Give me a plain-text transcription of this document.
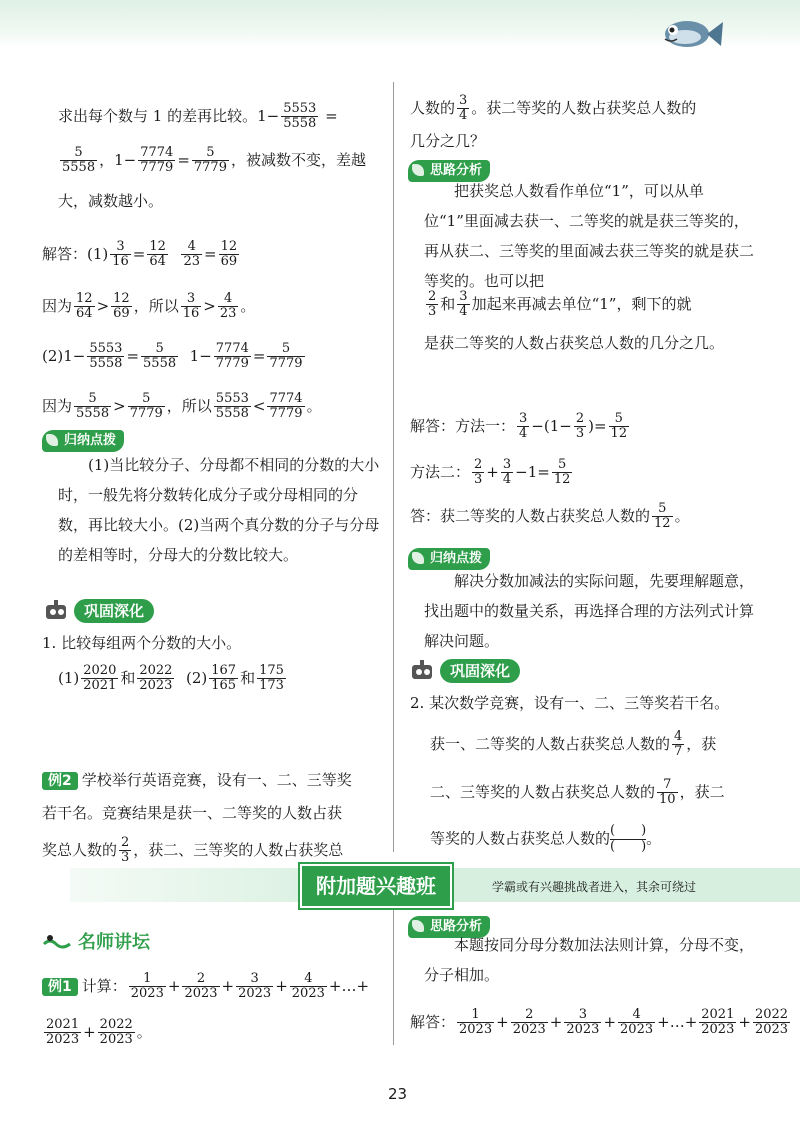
求出每个数与 1 的差再比较。$1- \frac{5553}{5558}$ =
$\frac{5}{5558}$ ，$1- \frac{7774}{7779} = \frac{5}{7779}$ ，被减数不变，差越
大，减数越小。
解答：$(1) \frac{3}{16} = \frac{12}{64}$
$\frac{4}{23} = \frac{12}{69}$
因为 $\frac{12}{64} > \frac{12}{69}$ ，所以 $\frac{3}{16} > \frac{4}{23}$ 。
$(2)1- \frac{5553}{5558} = \frac{5}{5558} 1- \frac{7774}{7779} = \frac{5}{7779}$
因为 $\frac{5}{5558} > \frac{5}{7779}$ ，所以 $\frac{5553}{5558} < \frac{7774}{7779}$ 。
归纳点拨
(1)当比较分子、分母都不相同的分数的大小时，一般先将分数转化成分子或分母相同的分数，再比较大小。(2)当两个真分数的分子与分母的差相等时，分母大的分数比较大。
巩固深化
1. 比较每组两个分数的大小。
$(1) \frac{2020}{2021}$ 和 $\frac{2022}{2023} (2) \frac{167}{165}$ 和 $\frac{175}{173}$
例2 学校举行英语竞赛，设有一、二、三等奖
若干名。竞赛结果是获一、二等奖的人数占获
奖总人数的 $\frac{2}{3}$ ，获二、三等奖的人数占获奖总
人数的 $\frac{3}{4}$ 。获二等奖的人数占获奖总人数的
几分之几？
思路分析
把获奖总人数看作单位“1”，可以从单位“1”里面减去获一、二等奖的就是获三等奖的，再从获二、三等奖的里面减去获三等奖的就是获二等奖的。也可以把
$\frac{2}{3}$ 和 $\frac{3}{4}$ 加起来再减去单位“1”，剩下的就
是获二等奖的人数占获奖总人数的几分之几。
解答：方法一： $\frac{3}{4} -(1- \frac{2}{3}$ )= $\frac{5}{12}$
方法二： $\frac{2}{3} + \frac{3}{4} -1= \frac{5}{12}$
答：获二等奖的人数占获奖总人数的 $\frac{5}{12}$ 。
归纳点拨
解决分数加减法的实际问题，先要理解题意，找出题中的数量关系，再选择合理的方法列式计算解决问题。
巩固深化
2. 某次数学竞赛，设有一、二、三等奖若干名。
获一、二等奖的人数占获奖总人数的 $\frac{4}{7}$ ，获
二、三等奖的人数占获奖总人数的 $\frac{7}{10}$ ，获二
等奖的人数占获奖总人数的 $\frac{( )}{( )}$ 。
附加题兴趣班	学霸或有兴趣挑战者进入，其余可绕过
名师讲坛
例1 计算： $\frac{1}{2023} + \frac{2}{2023} + \frac{3}{2023} + \frac{4}{2023}$ +…+
$\frac{2021}{2023} + \frac{2022}{2023}$ 。
思路分析
本题按同分母分数加法法则计算，分母不变，分子相加。
解答： $\frac{1}{2023} + \frac{2}{2023} + \frac{3}{2023} + \frac{4}{2023}$ +…+ $\frac{2021}{2023} + \frac{2022}{2023}$
23
